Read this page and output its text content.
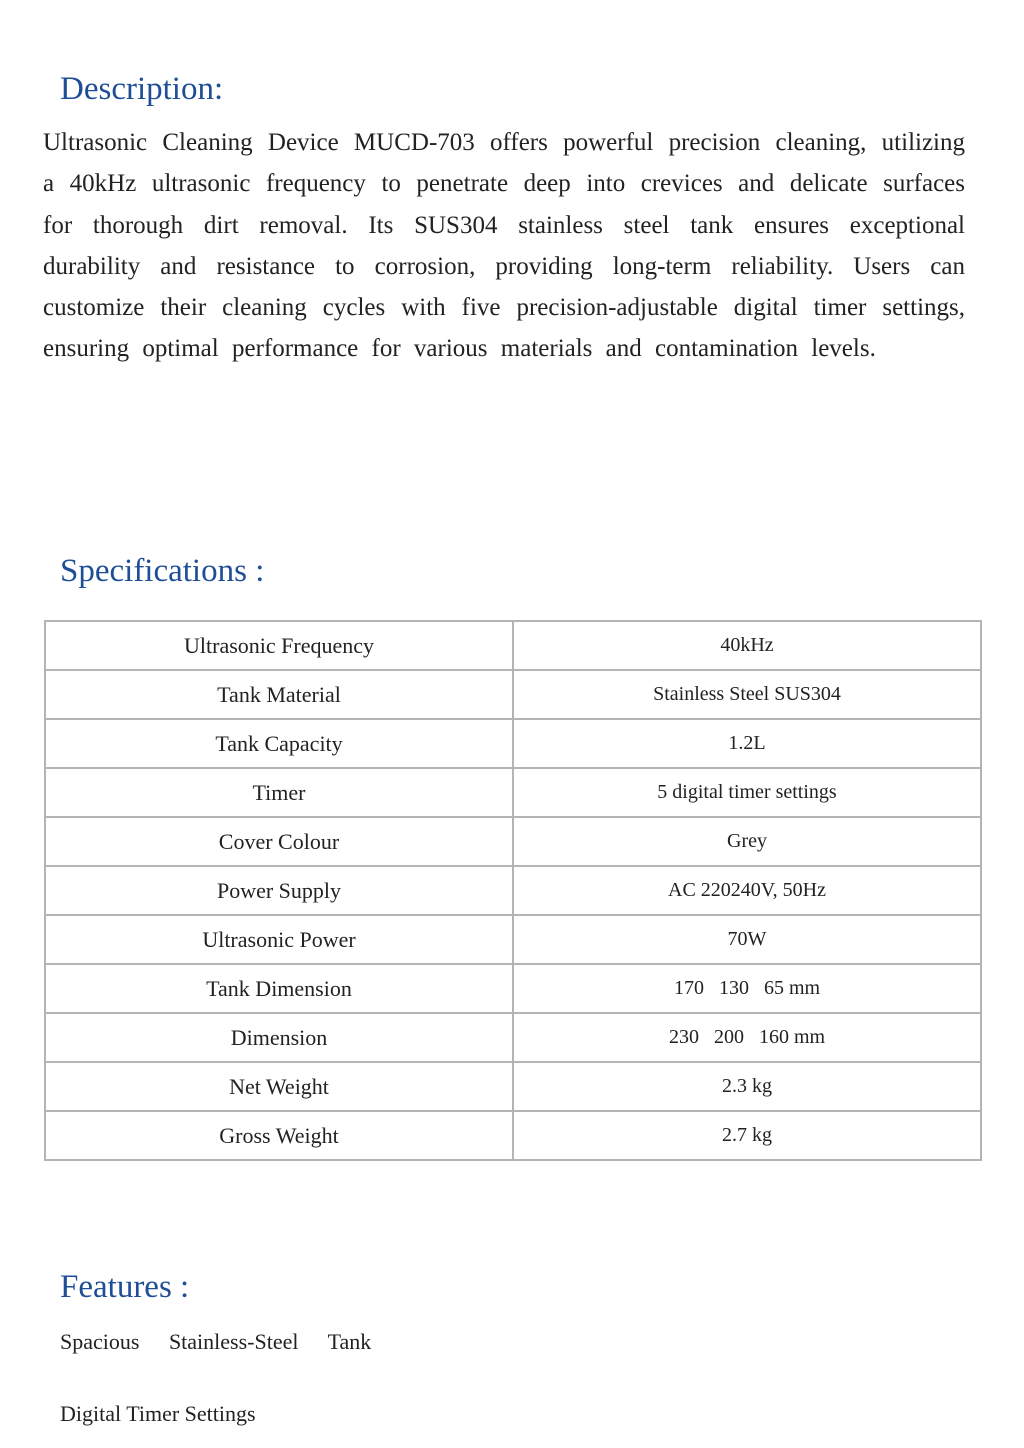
Description:

Ultrasonic Cleaning Device MUCD-703 offers powerful precision cleaning, utilizing a 40kHz ultrasonic frequency to penetrate deep into crevices and delicate surfaces for thorough dirt removal. Its SUS304 stainless steel tank ensures exceptional durability and resistance to corrosion, providing long-term reliability. Users can customize their cleaning cycles with five precision-adjustable digital timer settings, ensuring optimal performance for various materials and contamination levels.

Specifications :
Ultrasonic Frequency	40kHz
Tank Material	Stainless Steel SUS304
Tank Capacity	1.2L
Timer	5 digital timer settings
Cover Colour	Grey
Power Supply	AC 220240V, 50Hz
Ultrasonic Power	70W
Tank Dimension	170   130   65 mm
Dimension	230   200   160 mm
Net Weight	2.3 kg
Gross Weight	2.7 kg
Features :

Spacious Stainless-Steel Tank

Digital Timer Settings
